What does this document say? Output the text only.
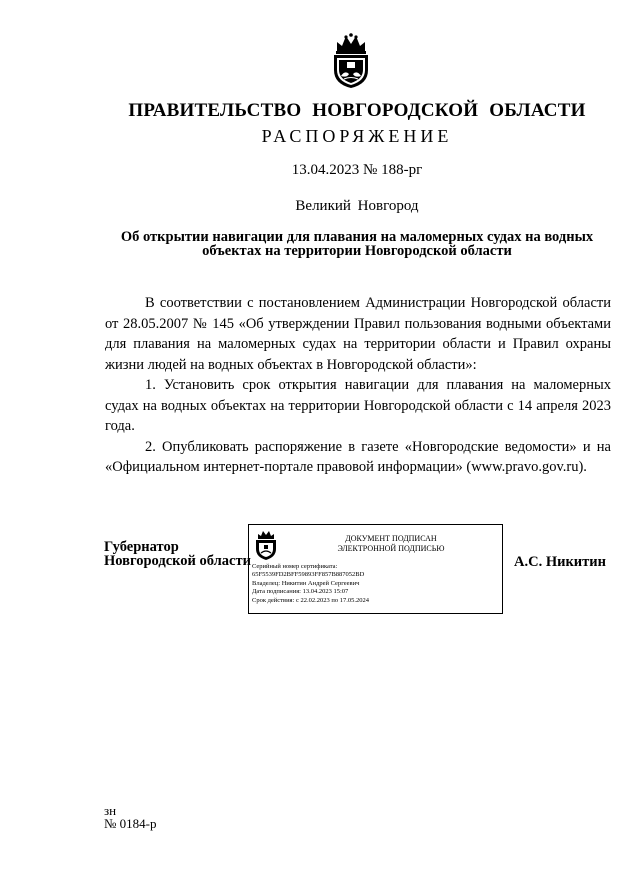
ПРАВИТЕЛЬСТВО НОВГОРОДСКОЙ ОБЛАСТИ
РАСПОРЯЖЕНИЕ
13.04.2023 № 188-рг
Великий Новгород
Об открытии навигации для плавания на маломерных судах на водных
объектах на территории Новгородской области

В соответствии с постановлением Администрации Новгородской области от 28.05.2007 № 145 «Об утверждении Правил пользования водными объектами для плавания на маломерных судах на территории области и Правил охраны жизни людей на водных объектах в Новгородской области»:

1. Установить срок открытия навигации для плавания на маломерных судах на водных объектах на территории Новгородской области с 14 апреля 2023 года.

2. Опубликовать распоряжение в газете «Новгородские ведомости» и на «Официальном интернет-портале правовой информации» (www.pravo.gov.ru).

Губернатор
Новгородской области
ДОКУМЕНТ ПОДПИСАН
ЭЛЕКТРОННОЙ ПОДПИСЬЮ
Серийный номер сертификата:
65F5539FD2BFF59893FF857B887052BD
Владелец: Никитин Андрей Сергеевич
Дата подписания: 13.04.2023 15:07
Срок действия: с 22.02.2023 по 17.05.2024
А.С. Никитин
зн
№ 0184-р
